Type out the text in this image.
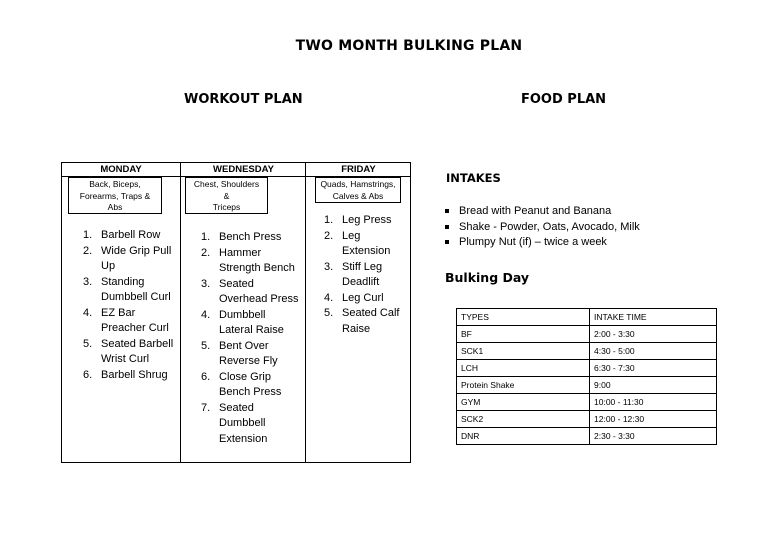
TWO MONTH BULKING PLAN
WORKOUT PLAN	FOOD PLAN
MONDAY
Back, Biceps,
Forearms, Traps &
Abs
1. Barbell Row
2. Wide Grip Pull
Up
3. Standing
Dumbbell Curl
4. EZ Bar
Preacher Curl
5. Seated Barbell
Wrist Curl
6. Barbell Shrug
WEDNESDAY
Chest, Shoulders
&
Triceps
1. Bench Press
2. Hammer
Strength Bench
3. Seated
Overhead Press
4. Dumbbell
Lateral Raise
5. Bent Over
Reverse Fly
6. Close Grip
Bench Press
7. Seated
Dumbbell
Extension
FRIDAY
Quads, Hamstrings,
Calves & Abs
1. Leg Press
2. Leg
Extension
3. Stiff Leg
Deadlift
4. Leg Curl
5. Seated Calf
Raise
INTAKES
Bread with Peanut and Banana
Shake - Powder, Oats, Avocado, Milk
Plumpy Nut (if) – twice a week
Bulking Day
TYPES	INTAKE TIME
BF	2:00 - 3:30
SCK1	4:30 - 5:00
LCH	6:30 - 7:30
Protein Shake	9:00
GYM	10:00 - 11:30
SCK2	12:00 - 12:30
DNR	2:30 - 3:30
